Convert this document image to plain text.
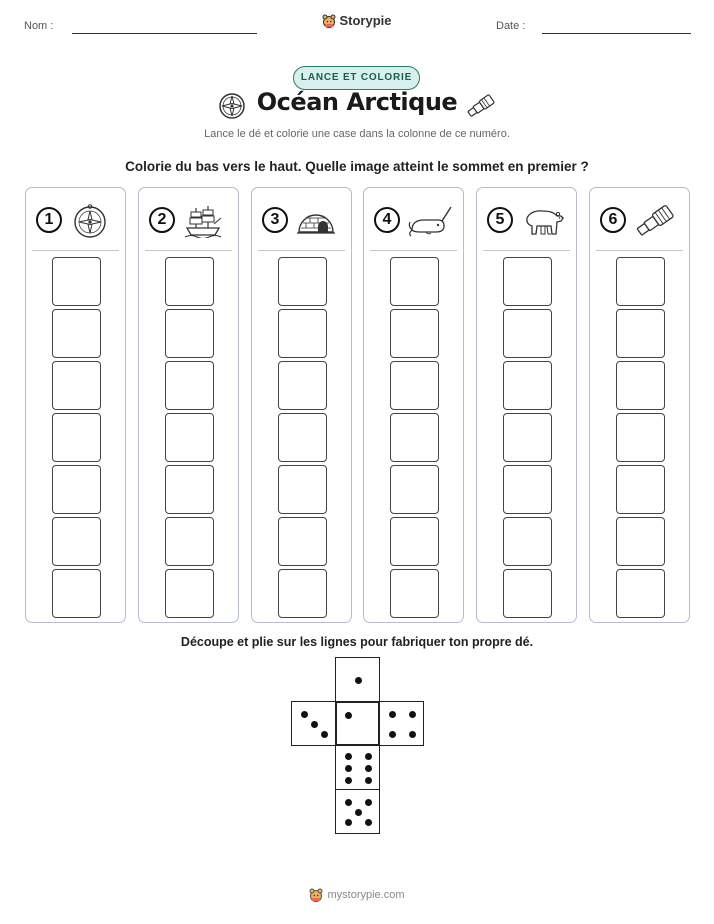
Nom :	Storypie	Date :
LANCE ET COLORIE
Océan Arctique
Lance le dé et colorie une case dans la colonne de ce numéro.
Colorie du bas vers le haut. Quelle image atteint le sommet en premier ?
1	2	3	4	5	6
Découpe et plie sur les lignes pour fabriquer ton propre dé.
mystorypie.com
